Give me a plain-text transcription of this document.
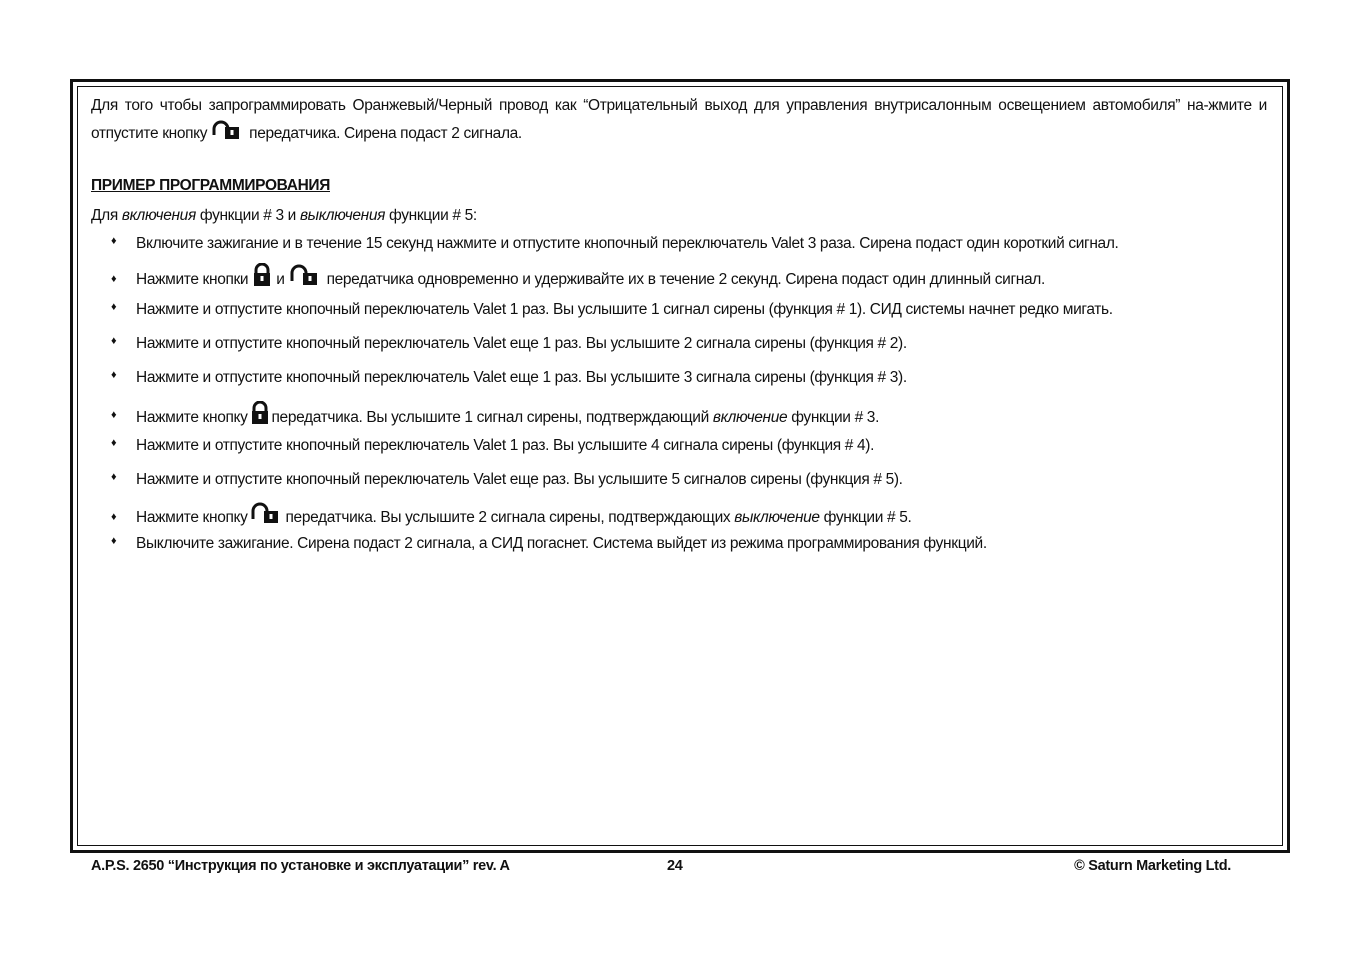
Для того чтобы запрограммировать Оранжевый/Черный провод как “Отрицательный выход для управления внутрисалонным освещением автомобиля” на-жмите и отпустите кнопку	передатчика. Сирена подаст 2 сигнала.

ПРИМЕР ПРОГРАММИРОВАНИЯ

Для включения функции # 3 и выключения функции # 5:

♦ Включите зажигание и в течение 15 секунд нажмите и отпустите кнопочный переключатель Valet 3 раза. Сирена подаст один короткий сигнал.
♦ Нажмите кнопки и	передатчика одновременно и удерживайте их в течение 2 секунд. Сирена подаст один длинный сигнал.
♦ Нажмите и отпустите кнопочный переключатель Valet 1 раз. Вы услышите 1 сигнал сирены (функция # 1). СИД системы начнет редко мигать.
♦ Нажмите и отпустите кнопочный переключатель Valet еще 1 раз. Вы услышите 2 сигнала сирены (функция # 2).
♦ Нажмите и отпустите кнопочный переключатель Valet еще 1 раз. Вы услышите 3 сигнала сирены (функция # 3).
♦ Нажмите кнопку передатчика. Вы услышите 1 сигнал сирены, подтверждающий включение функции # 3.
♦ Нажмите и отпустите кнопочный переключатель Valet 1 раз. Вы услышите 4 сигнала сирены (функция # 4).
♦ Нажмите и отпустите кнопочный переключатель Valet еще раз. Вы услышите 5 сигналов сирены (функция # 5).
♦ Нажмите кнопку передатчика. Вы услышите 2 сигнала сирены, подтверждающих выключение функции # 5.
♦ Выключите зажигание. Сирена подаст 2 сигнала, а СИД погаснет. Система выйдет из режима программирования функций.
A.P.S. 2650 “Инструкция по установке и эксплуатации” rev. A	24	© Saturn Marketing Ltd.
